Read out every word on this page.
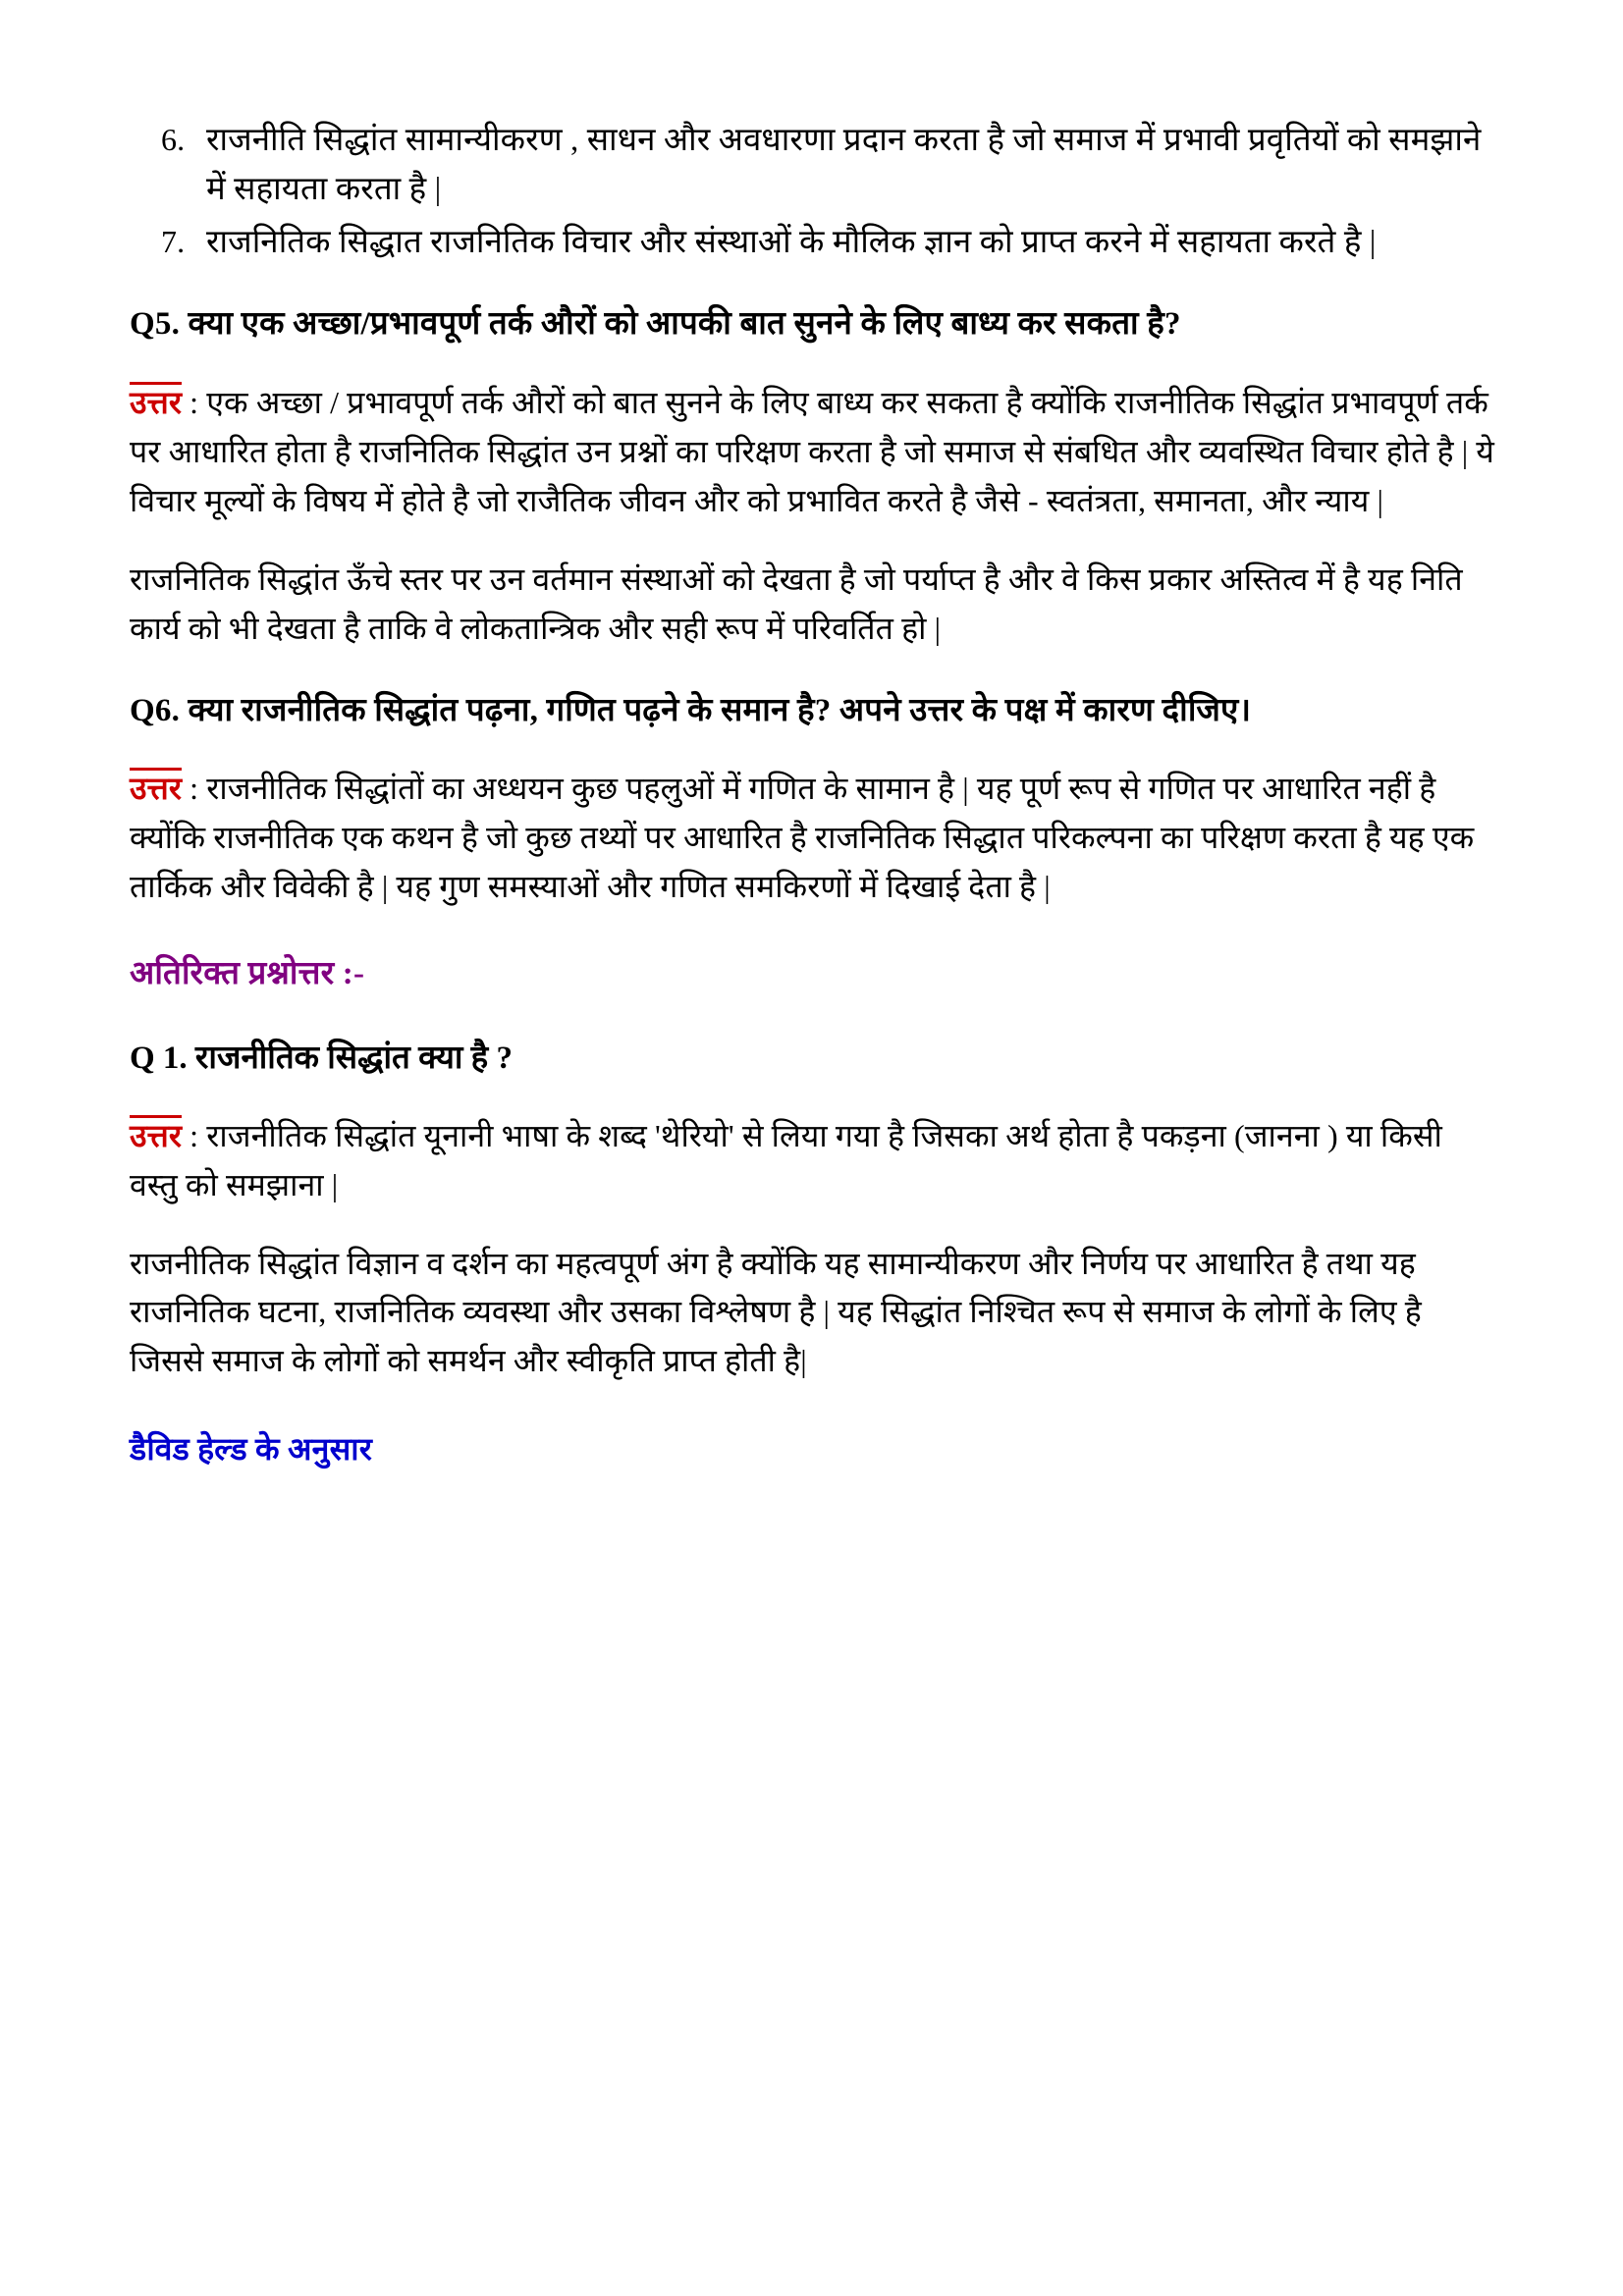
6. राजनीति सिद्धांत सामान्यीकरण , साधन और अवधारणा प्रदान करता है जो समाज में प्रभावी प्रवृतियों को समझाने में सहायता करता है |
7. राजनितिक सिद्धात राजनितिक विचार और संस्थाओं के मौलिक ज्ञान को प्राप्त करने में सहायता करते है |
Q5. क्या एक अच्छा/प्रभावपूर्ण तर्क औरों को आपकी बात सुनने के लिए बाध्य कर सकता है?

उत्तर : एक अच्छा / प्रभावपूर्ण तर्क औरों को बात सुनने के लिए बाध्य कर सकता है क्योंकि राजनीतिक सिद्धांत प्रभावपूर्ण तर्क पर आधारित होता है राजनितिक सिद्धांत उन प्रश्नों का परिक्षण करता है जो समाज से संबधित और व्यवस्थित विचार होते है | ये विचार मूल्यों के विषय में होते है जो राजैतिक जीवन और को प्रभावित करते है जैसे - स्वतंत्रता, समानता, और न्याय |

राजनितिक सिद्धांत ऊँचे स्तर पर उन वर्तमान संस्थाओं को देखता है जो पर्याप्त है और वे किस प्रकार अस्तित्व में है यह निति कार्य को भी देखता है ताकि वे लोकतान्त्रिक और सही रूप में परिवर्तित हो |

Q6. क्या राजनीतिक सिद्धांत पढ़ना, गणित पढ़ने के समान है? अपने उत्तर के पक्ष में कारण दीजिए।

उत्तर : राजनीतिक सिद्धांतों का अध्धयन कुछ पहलुओं में गणित के सामान है | यह पूर्ण रूप से गणित पर आधारित नहीं है क्योंकि राजनीतिक एक कथन है जो कुछ तथ्यों पर आधारित है राजनितिक सिद्धात परिकल्पना का परिक्षण करता है यह एक तार्किक और विवेकी है | यह गुण समस्याओं और गणित समकिरणों में दिखाई देता है |

अतिरिक्त प्रश्नोत्तर :-
Q 1. राजनीतिक सिद्धांत क्या है ?

उत्तर : राजनीतिक सिद्धांत यूनानी भाषा के शब्द 'थेरियो' से लिया गया है जिसका अर्थ होता है पकड़ना (जानना ) या किसी वस्तु को समझाना |

राजनीतिक सिद्धांत विज्ञान व दर्शन का महत्वपूर्ण अंग है क्योंकि यह सामान्यीकरण और निर्णय पर आधारित है तथा यह राजनितिक घटना, राजनितिक व्यवस्था और उसका विश्लेषण है | यह सिद्धांत निश्चित रूप से समाज के लोगों के लिए है जिससे समाज के लोगों को समर्थन और स्वीकृति प्राप्त होती है|

डैविड हेल्ड के अनुसार
